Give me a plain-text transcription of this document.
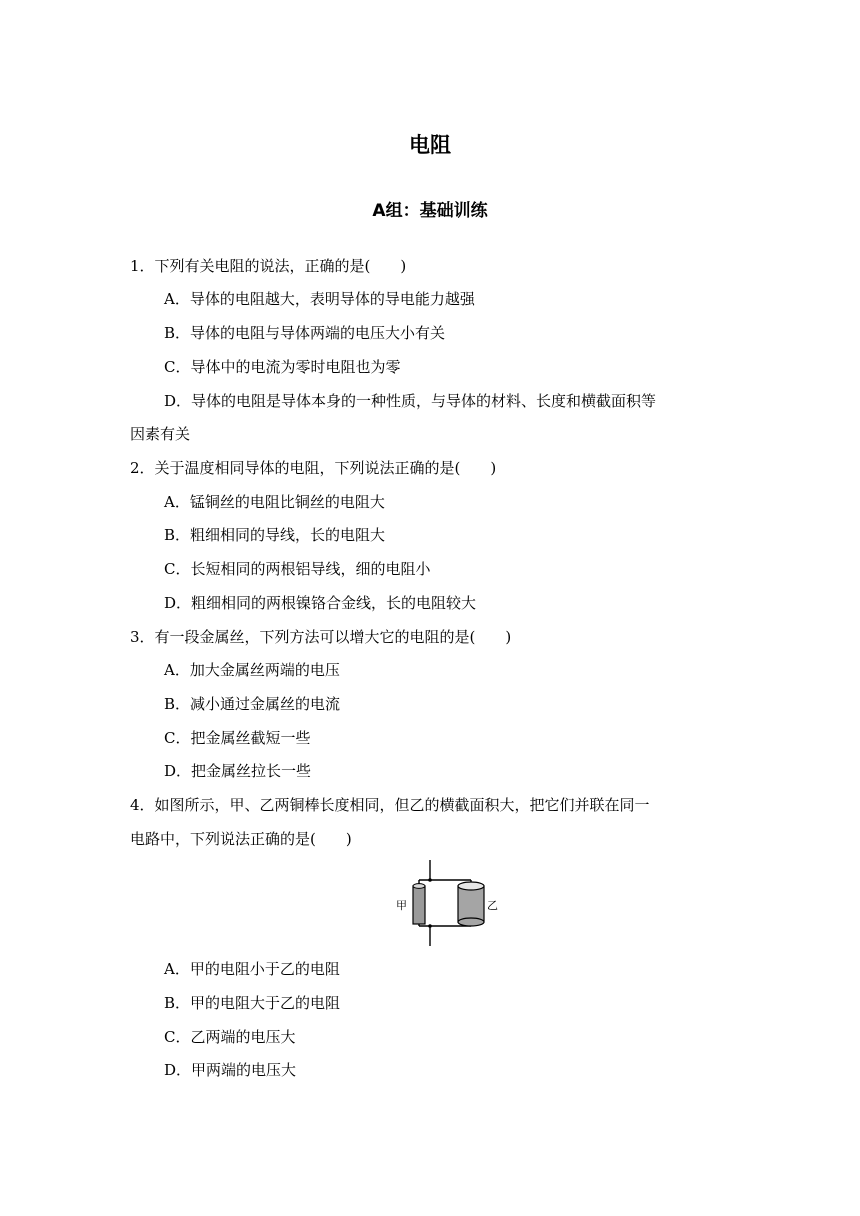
电阻
A组：基础训练
1．下列有关电阻的说法，正确的是(　　)
A．导体的电阻越大，表明导体的导电能力越强
B．导体的电阻与导体两端的电压大小有关
C．导体中的电流为零时电阻也为零
D．导体的电阻是导体本身的一种性质，与导体的材料、长度和横截面积等
因素有关
2．关于温度相同导体的电阻，下列说法正确的是(　　)
A．锰铜丝的电阻比铜丝的电阻大
B．粗细相同的导线，长的电阻大
C．长短相同的两根铝导线，细的电阻小
D．粗细相同的两根镍铬合金线，长的电阻较大
3．有一段金属丝，下列方法可以增大它的电阻的是(　　)
A．加大金属丝两端的电压
B．减小通过金属丝的电流
C．把金属丝截短一些
D．把金属丝拉长一些
4．如图所示，甲、乙两铜棒长度相同，但乙的横截面积大，把它们并联在同一
电路中，下列说法正确的是(　　)
甲	乙
A．甲的电阻小于乙的电阻
B．甲的电阻大于乙的电阻
C．乙两端的电压大
D．甲两端的电压大
